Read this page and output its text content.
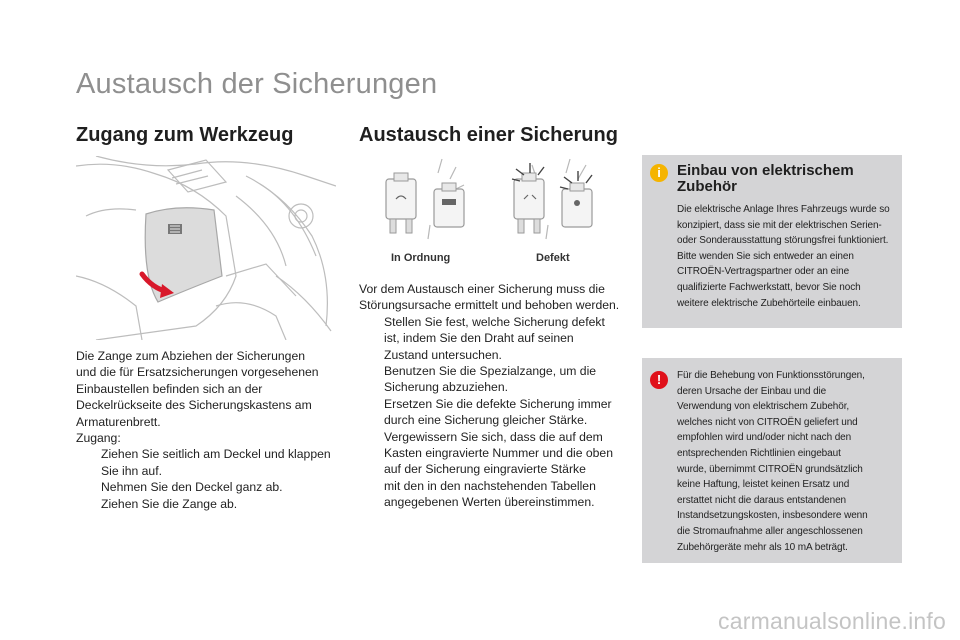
Austausch der Sicherungen
Zugang zum Werkzeug

Die Zange zum Abziehen der Sicherungen

und die für Ersatzsicherungen vorgesehenen

Einbaustellen befinden sich an der

Deckelrückseite des Sicherungskastens am

Armaturenbrett.

Zugang:

Ziehen Sie seitlich am Deckel und klappen

Sie ihn auf.

Nehmen Sie den Deckel ganz ab.

Ziehen Sie die Zange ab.

Austausch einer Sicherung
In Ordnung	Defekt

Vor dem Austausch einer Sicherung muss die

Störungsursache ermittelt und behoben werden.

Stellen Sie fest, welche Sicherung defekt

ist, indem Sie den Draht auf seinen

Zustand untersuchen.

Benutzen Sie die Spezialzange, um die

Sicherung abzuziehen.

Ersetzen Sie die defekte Sicherung immer

durch eine Sicherung gleicher Stärke.

Vergewissern Sie sich, dass die auf dem

Kasten eingravierte Nummer und die oben

auf der Sicherung eingravierte Stärke

mit den in den nachstehenden Tabellen

angegebenen Werten übereinstimmen.

i	Einbau von elektrischem
Zubehör
Die elektrische Anlage Ihres Fahrzeugs wurde so
konzipiert, dass sie mit der elektrischen Serien-
oder Sonderausstattung störungsfrei funktioniert.
Bitte wenden Sie sich entweder an einen
CITROËN-Vertragspartner oder an eine
qualifizierte Fachwerkstatt, bevor Sie noch
weitere elektrische Zubehörteile einbauen.
!	Für die Behebung von Funktionsstörungen,
deren Ursache der Einbau und die
Verwendung von elektrischem Zubehör,
welches nicht von CITROËN geliefert und
empfohlen wird und/oder nicht nach den
entsprechenden Richtlinien eingebaut
wurde, übernimmt CITROËN grundsätzlich
keine Haftung, leistet keinen Ersatz und
erstattet nicht die daraus entstandenen
Instandsetzungskosten, insbesondere wenn
die Stromaufnahme aller angeschlossenen
Zubehörgeräte mehr als 10 mA beträgt.
carmanualsonline.info
